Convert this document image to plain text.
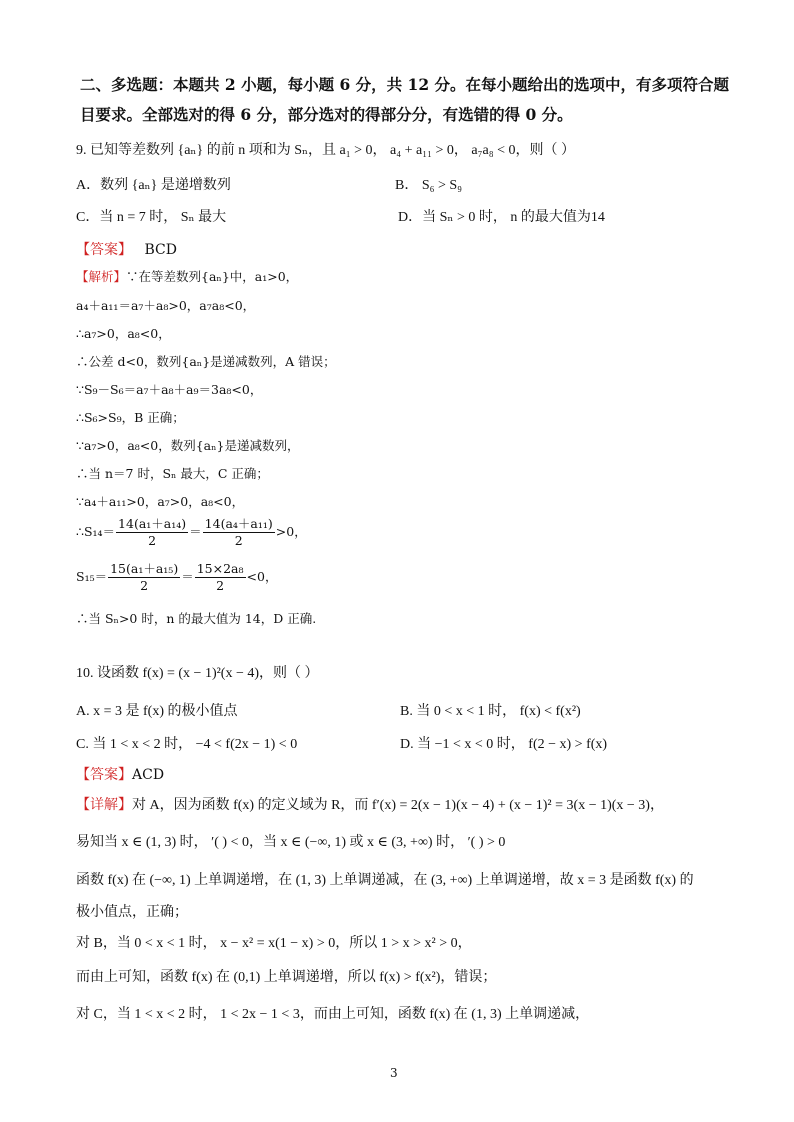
二、多选题：本题共 2 小题，每小题 6 分，共 12 分。在每小题给出的选项中，有多项符合题
目要求。全部选对的得 6 分，部分选对的得部分分，有选错的得 0 分。
9. 已知等差数列 {aₙ} 的前 n 项和为 Sₙ，且 a₁ > 0， a₄ + a₁₁ > 0， a₇a₈ < 0，则（ ）
A．数列 {aₙ} 是递增数列	B． S₆ > S₉
C．当 n = 7 时， Sₙ 最大	D．当 Sₙ > 0 时， n 的最大值为14
【答案】 BCD
【解析】∵在等差数列{aₙ}中，a₁>0，
a₄＋a₁₁＝a₇＋a₈>0，a₇a₈<0，
∴a₇>0，a₈<0，
∴公差 d<0，数列{aₙ}是递减数列，A 错误；
∵S₉－S₆＝a₇＋a₈＋a₉＝3a₈<0，
∴S₆>S₉，B 正确；
∵a₇>0，a₈<0，数列{aₙ}是递减数列，
∴当 n＝7 时，Sₙ 最大，C 正确；
∵a₄＋a₁₁>0，a₇>0，a₈<0，
∴S₁₄＝ $\frac{\text{14(a₁＋a₁₄)}}{2} = \frac{\text{14(a₄＋a₁₁)}}{2} >0$，
$S_{15}= \frac{\text{15(a₁＋a₁₅)}}{2} = \frac{\text{15×2a₈}}{2} <0$，
∴当 Sₙ>0 时，n 的最大值为 14，D 正确.
10. 设函数 f(x) = (x − 1)²(x − 4)，则（ ）
A. x = 3 是 f(x) 的极小值点	B. 当 0 < x < 1 时， f(x) < f(x²)
C. 当 1 < x < 2 时， −4 < f(2x − 1) < 0	D. 当 −1 < x < 0 时， f(2 − x) > f(x)
【答案】ACD
【详解】对 A，因为函数 f(x) 的定义域为 R，而 f′(x) = 2(x − 1)(x − 4) + (x − 1)² = 3(x − 1)(x − 3)，
易知当 x ∈ (1, 3) 时， ′( ) < 0，当 x ∈ (−∞, 1) 或 x ∈ (3, +∞) 时， ′( ) > 0
函数 f(x) 在 (−∞, 1) 上单调递增，在 (1, 3) 上单调递减，在 (3, +∞) 上单调递增，故 x = 3 是函数 f(x) 的
极小值点，正确；
对 B，当 0 < x < 1 时， x − x² = x(1 − x) > 0，所以 1 > x > x² > 0，
而由上可知，函数 f(x) 在 (0,1) 上单调递增，所以 f(x) > f(x²)，错误；
对 C，当 1 < x < 2 时， 1 < 2x − 1 < 3，而由上可知，函数 f(x) 在 (1, 3) 上单调递减，
3
